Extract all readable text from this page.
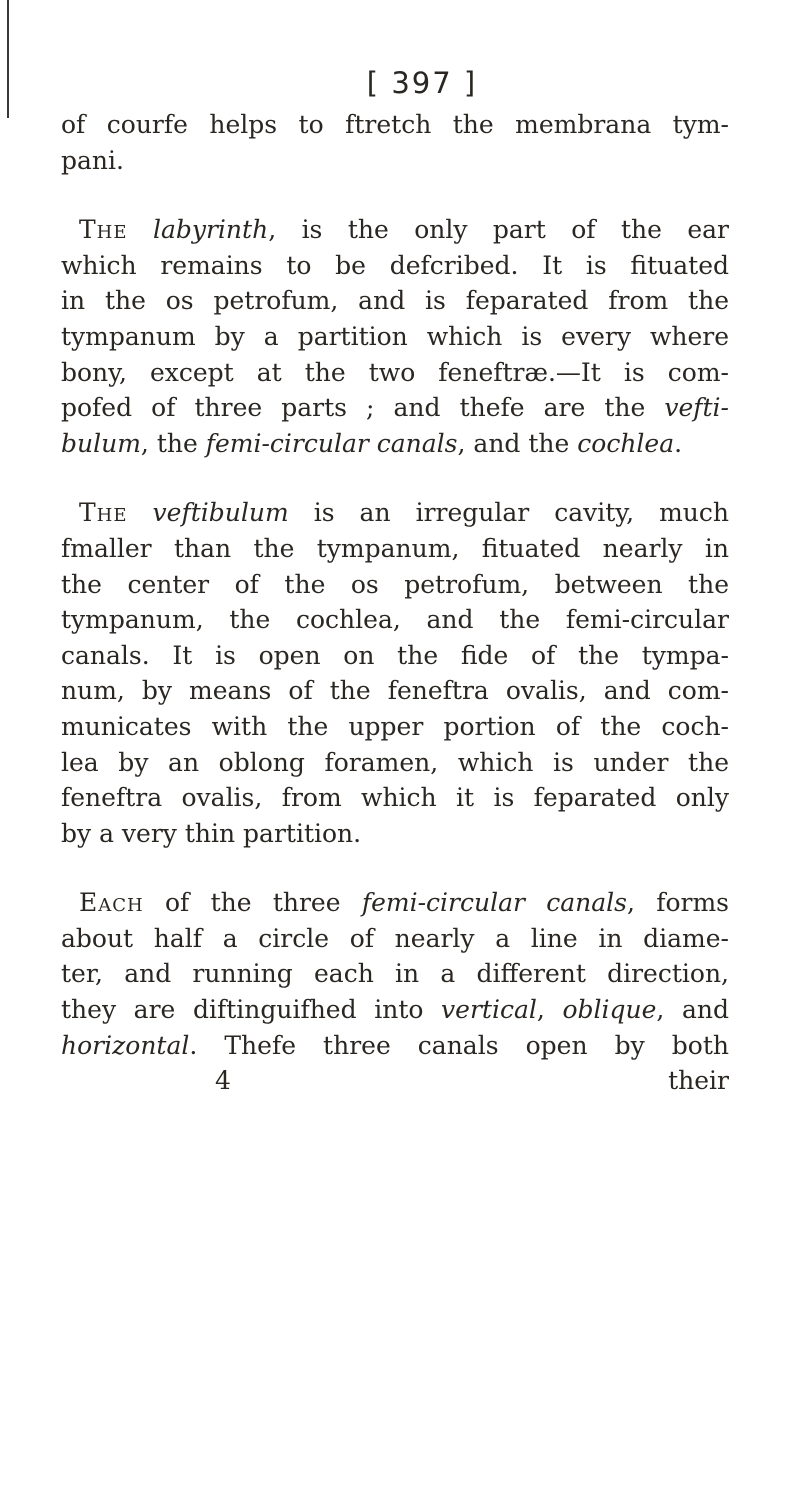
[ 397 ]

of courfe helps to ftretch the membrana tym-
pani.

The labyrinth, is the only part of the ear
which remains to be defcribed. It is fituated
in the os petrofum, and is feparated from the
tympanum by a partition which is every where
bony, except at the two feneftræ.—It is com-
pofed of three parts ; and thefe are the vefti-
bulum, the femi-circular canals, and the cochlea.

The veftibulum is an irregular cavity, much
fmaller than the tympanum, fituated nearly in
the center of the os petrofum, between the
tympanum, the cochlea, and the femi-circular
canals. It is open on the fide of the tympa-
num, by means of the feneftra ovalis, and com-
municates with the upper portion of the coch-
lea by an oblong foramen, which is under the
feneftra ovalis, from which it is feparated only
by a very thin partition.

Each of the three femi-circular canals, forms
about half a circle of nearly a line in diame-
ter, and running each in a different direction,
they are diftinguifhed into vertical, oblique, and
horizontal. Thefe three canals open by both

4	their
